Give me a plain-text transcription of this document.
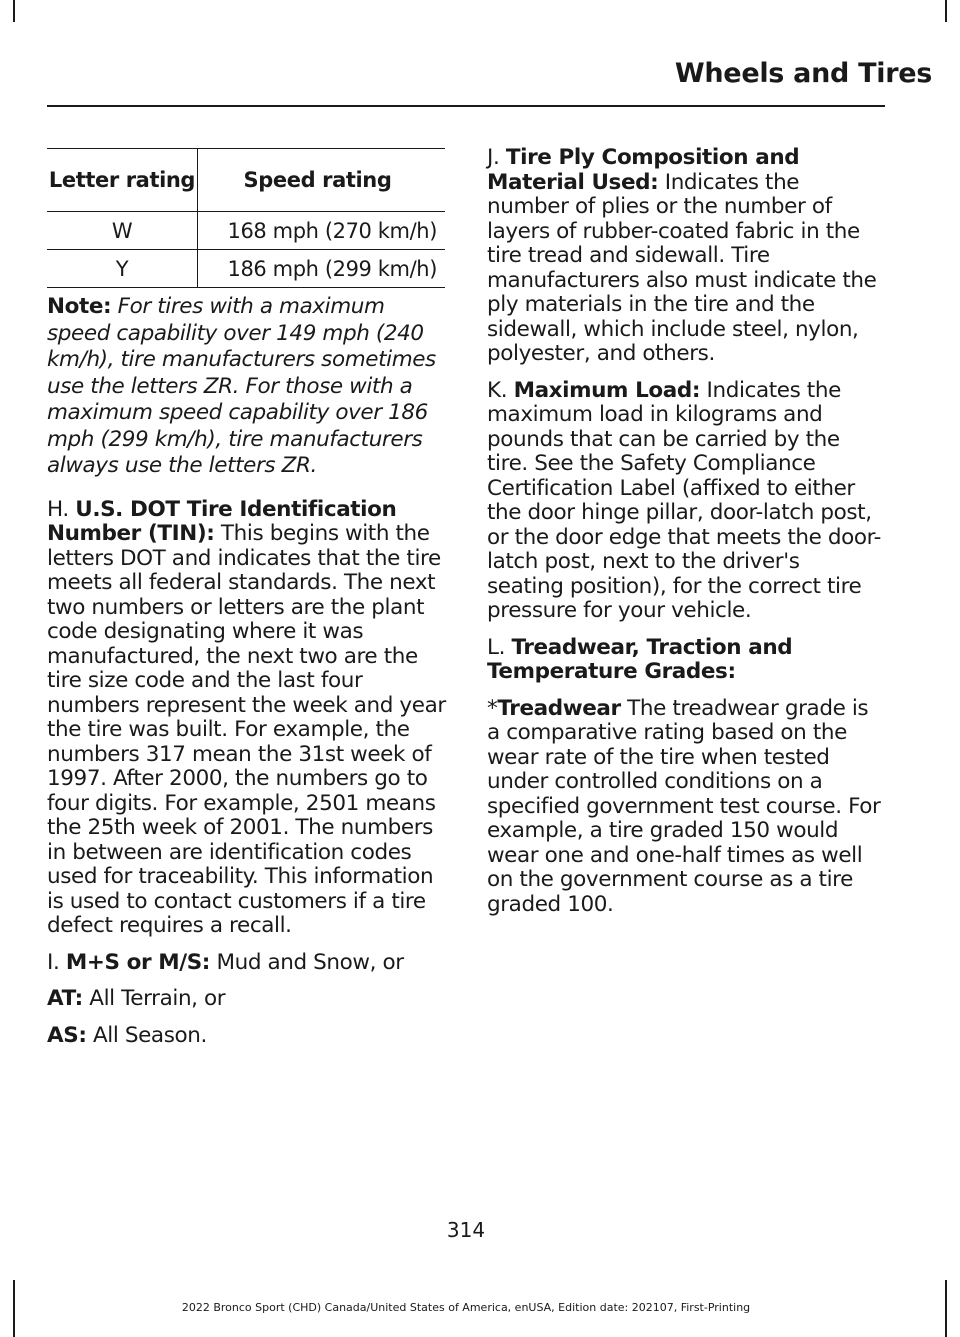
Wheels and Tires
Letter rating	Speed rating
W	168 mph (270 km/h)
Y	186 mph (299 km/h)

Note: For tires with a maximum speed capability over 149 mph (240 km/h), tire manufacturers sometimes use the letters ZR. For those with a maximum speed capability over 186 mph (299 km/h), tire manufacturers always use the letters ZR.

H. U.S. DOT Tire Identification Number (TIN): This begins with the letters DOT and indicates that the tire meets all federal standards. The next two numbers or letters are the plant code designating where it was manufactured, the next two are the tire size code and the last four numbers represent the week and year the tire was built. For example, the numbers 317 mean the 31st week of 1997. After 2000, the numbers go to four digits. For example, 2501 means the 25th week of 2001. The numbers in between are identification codes used for traceability. This information is used to contact customers if a tire defect requires a recall.

I. M+S or M/S: Mud and Snow, or

AT: All Terrain, or

AS: All Season.

J. Tire Ply Composition and Material Used: Indicates the number of plies or the number of layers of rubber-coated fabric in the tire tread and sidewall. Tire manufacturers also must indicate the ply materials in the tire and the sidewall, which include steel, nylon, polyester, and others.

K. Maximum Load: Indicates the maximum load in kilograms and pounds that can be carried by the tire. See the Safety Compliance Certification Label (affixed to either the door hinge pillar, door-latch post, or the door edge that meets the door-latch post, next to the driver's seating position), for the correct tire pressure for your vehicle.

L. Treadwear, Traction and Temperature Grades:

*Treadwear The treadwear grade is a comparative rating based on the wear rate of the tire when tested under controlled conditions on a specified government test course. For example, a tire graded 150 would wear one and one-half times as well on the government course as a tire graded 100.

314
2022 Bronco Sport (CHD) Canada/United States of America, enUSA, Edition date: 202107, First-Printing
